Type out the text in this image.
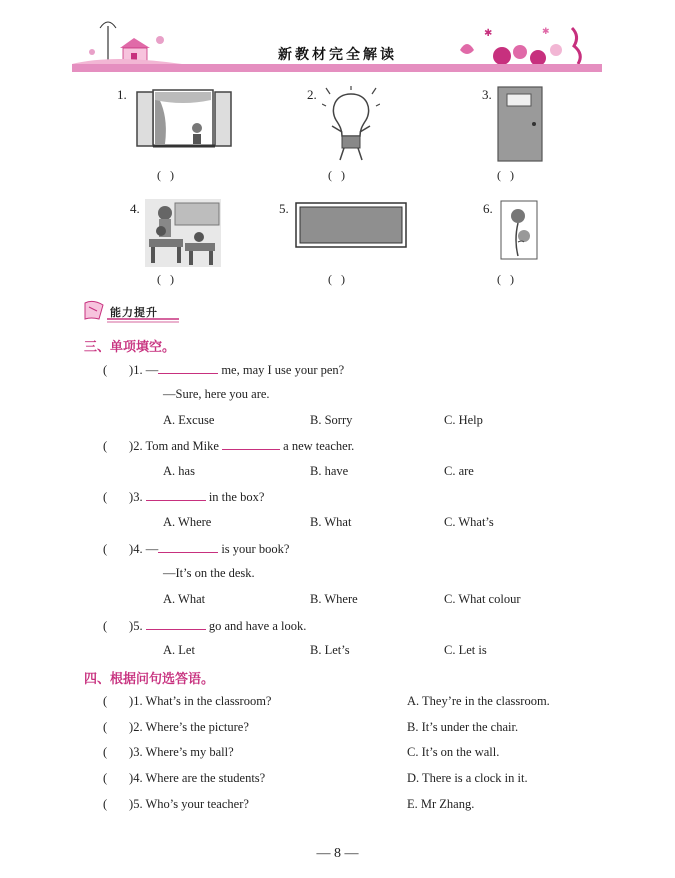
✱	✱
新教材完全解读
1.	2.	3.
(   )	(   )	(   )
4.	5.	6.
(   )	(   )	(   )
能力提升
三、单项填空。
(       )1. —	me, may I use your pen?
—Sure, here you are.
A. Excuse	B. Sorry	C. Help
(       )2. Tom and Mike	a new teacher.
A. has	B. have	C. are
(       )3.	in the box?
A. Where	B. What	C. What’s
(       )4. —	is your book?
—It’s on the desk.
A. What	B. Where	C. What colour
(       )5.	go and have a look.
A. Let	B. Let’s	C. Let is
四、根据问句选答语。
(       )1. What’s in the classroom?	A. They’re in the classroom.
(       )2. Where’s the picture?	B. It’s under the chair.
(       )3. Where’s my ball?	C. It’s on the wall.
(       )4. Where are the students?	D. There is a clock in it.
(       )5. Who’s your teacher?	E. Mr Zhang.
— 8 —
